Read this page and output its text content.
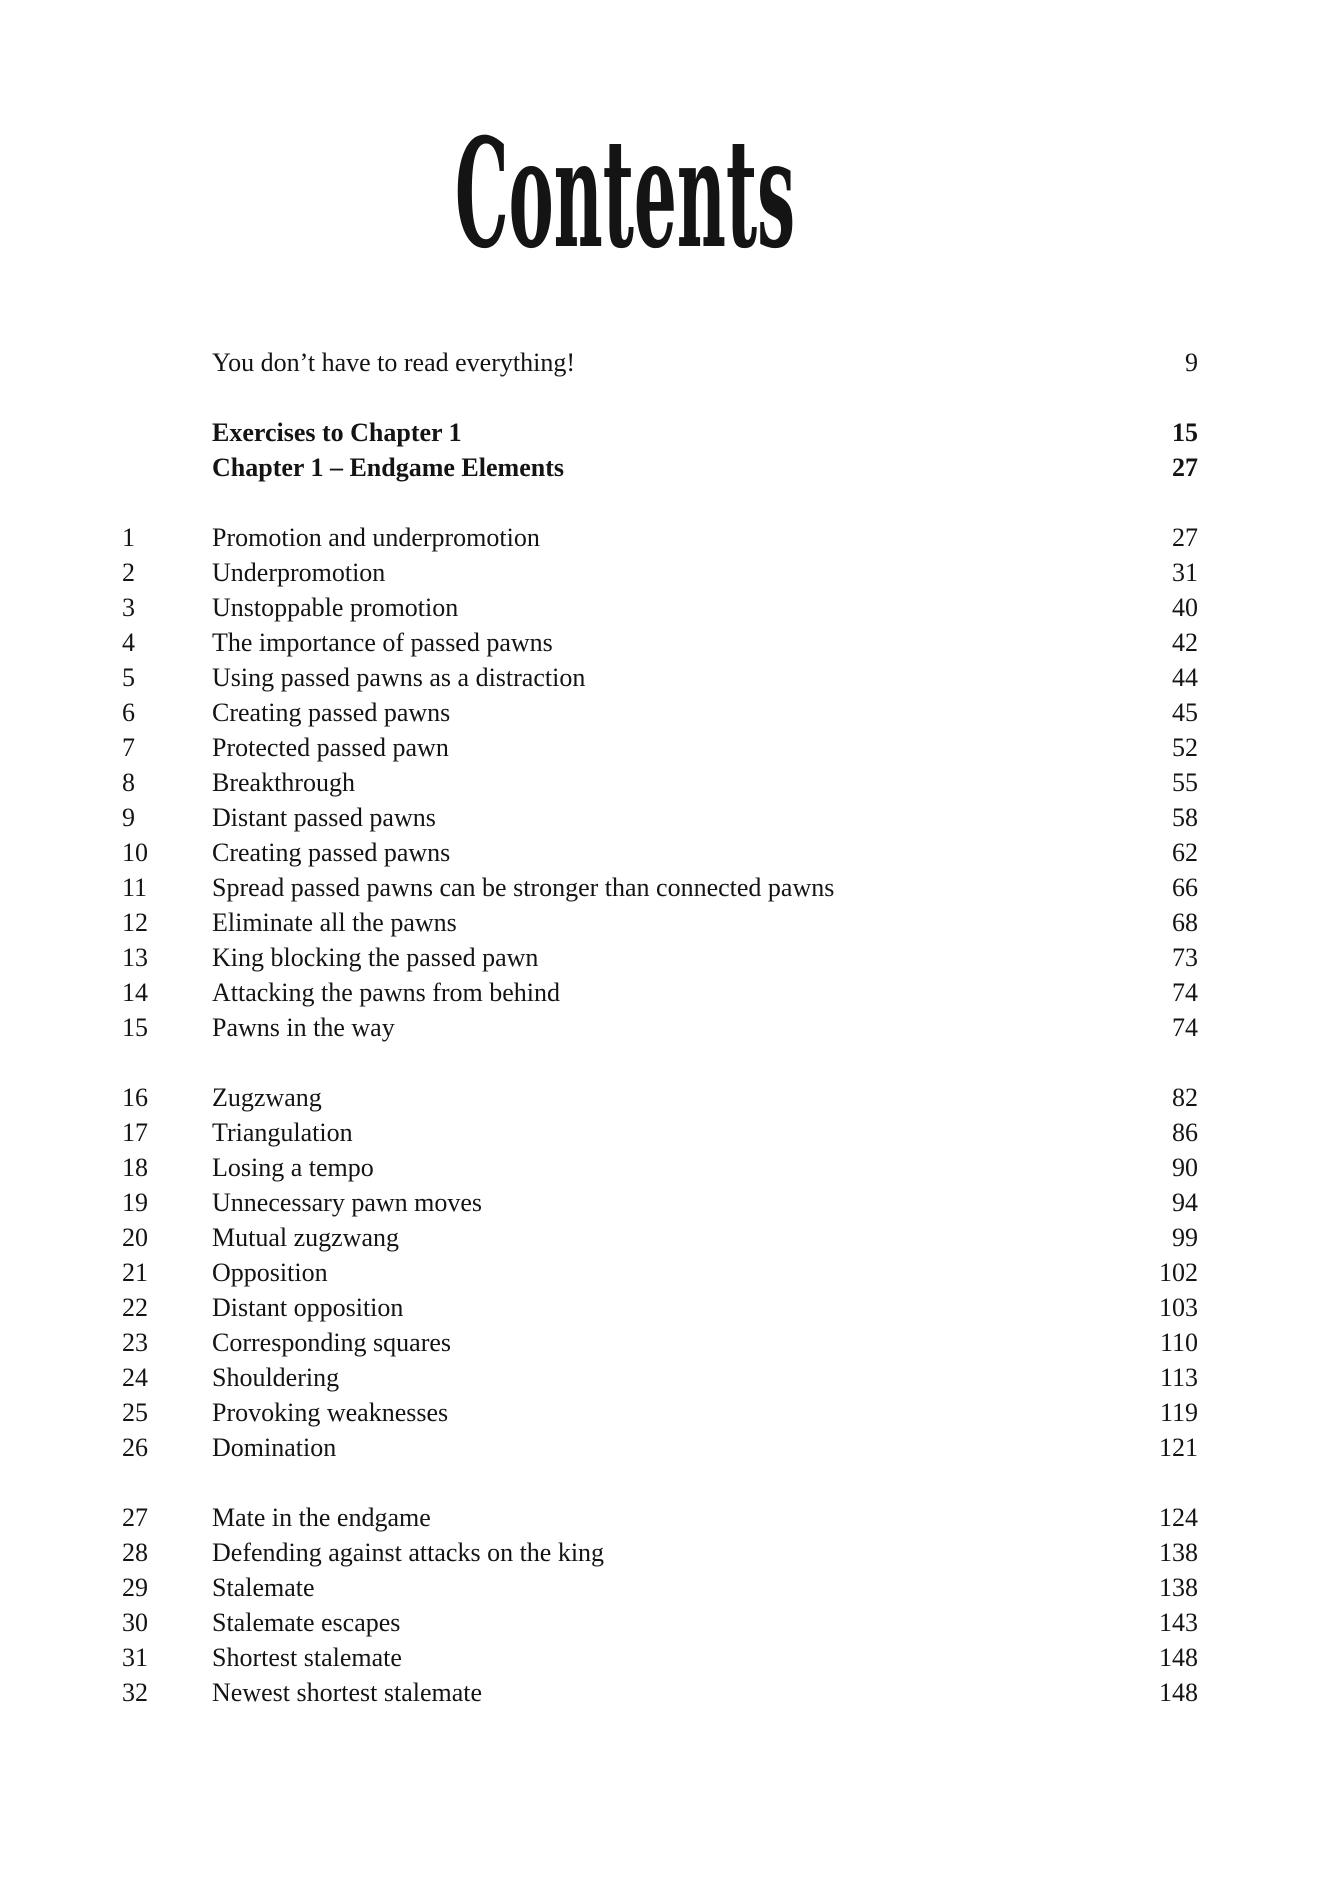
Contents
You don’t have to read everything!	9
Exercises to Chapter 1	15
Chapter 1 – Endgame Elements	27
1	Promotion and underpromotion	27
2	Underpromotion	31
3	Unstoppable promotion	40
4	The importance of passed pawns	42
5	Using passed pawns as a distraction	44
6	Creating passed pawns	45
7	Protected passed pawn	52
8	Breakthrough	55
9	Distant passed pawns	58
10	Creating passed pawns	62
11	Spread passed pawns can be stronger than connected pawns	66
12	Eliminate all the pawns	68
13	King blocking the passed pawn	73
14	Attacking the pawns from behind	74
15	Pawns in the way	74
16	Zugzwang	82
17	Triangulation	86
18	Losing a tempo	90
19	Unnecessary pawn moves	94
20	Mutual zugzwang	99
21	Opposition	102
22	Distant opposition	103
23	Corresponding squares	110
24	Shouldering	113
25	Provoking weaknesses	119
26	Domination	121
27	Mate in the endgame	124
28	Defending against attacks on the king	138
29	Stalemate	138
30	Stalemate escapes	143
31	Shortest stalemate	148
32	Newest shortest stalemate	148
